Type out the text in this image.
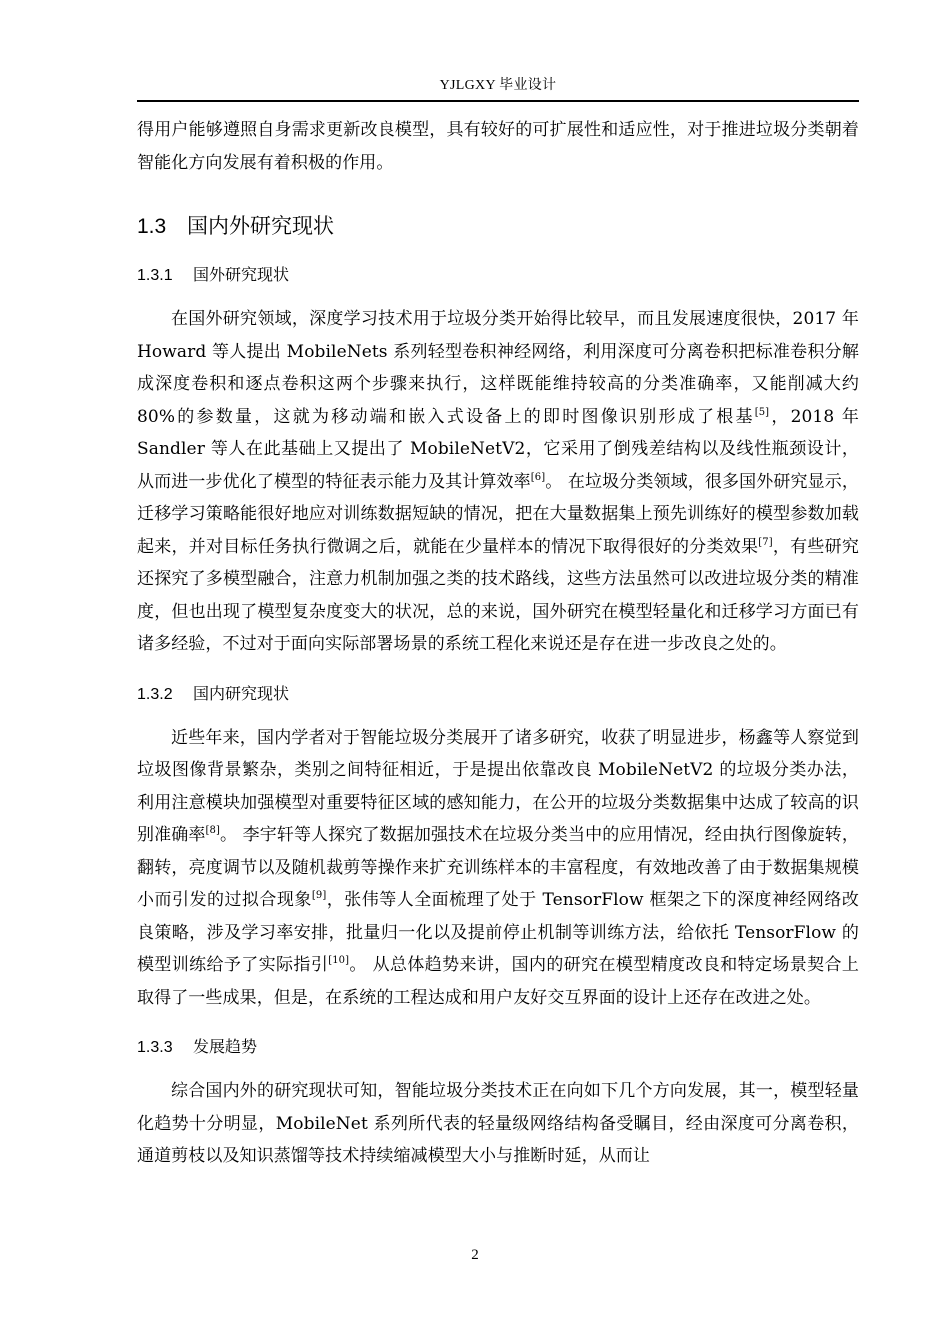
YJLGXY 毕业设计

得用户能够遵照自身需求更新改良模型，具有较好的可扩展性和适应性，对于推进垃圾分类朝着智能化方向发展有着积极的作用。

1.3 国内外研究现状
1.3.1 国外研究现状

在国外研究领域，深度学习技术用于垃圾分类开始得比较早，而且发展速度很快，2017 年 Howard 等人提出 MobileNets 系列轻型卷积神经网络，利用深度可分离卷积把标准卷积分解成深度卷积和逐点卷积这两个步骤来执行，这样既能维持较高的分类准确率，又能削减大约 80%的参数量，这就为移动端和嵌入式设备上的即时图像识别形成了根基[5]，2018 年 Sandler 等人在此基础上又提出了 MobileNetV2，它采用了倒残差结构以及线性瓶颈设计，从而进一步优化了模型的特征表示能力及其计算效率[6]。 在垃圾分类领域，很多国外研究显示，迁移学习策略能很好地应对训练数据短缺的情况，把在大量数据集上预先训练好的模型参数加载起来，并对目标任务执行微调之后，就能在少量样本的情况下取得很好的分类效果[7]，有些研究还探究了多模型融合，注意力机制加强之类的技术路线，这些方法虽然可以改进垃圾分类的精准度，但也出现了模型复杂度变大的状况，总的来说，国外研究在模型轻量化和迁移学习方面已有诸多经验，不过对于面向实际部署场景的系统工程化来说还是存在进一步改良之处的。

1.3.2 国内研究现状

近些年来，国内学者对于智能垃圾分类展开了诸多研究，收获了明显进步，杨鑫等人察觉到垃圾图像背景繁杂，类别之间特征相近，于是提出依靠改良 MobileNetV2 的垃圾分类办法，利用注意模块加强模型对重要特征区域的感知能力，在公开的垃圾分类数据集中达成了较高的识别准确率[8]。 李宇轩等人探究了数据加强技术在垃圾分类当中的应用情况，经由执行图像旋转，翻转，亮度调节以及随机裁剪等操作来扩充训练样本的丰富程度，有效地改善了由于数据集规模小而引发的过拟合现象[9]，张伟等人全面梳理了处于 TensorFlow 框架之下的深度神经网络改良策略，涉及学习率安排，批量归一化以及提前停止机制等训练方法，给依托 TensorFlow 的模型训练给予了实际指引[10]。 从总体趋势来讲，国内的研究在模型精度改良和特定场景契合上取得了一些成果，但是，在系统的工程达成和用户友好交互界面的设计上还存在改进之处。

1.3.3 发展趋势

综合国内外的研究现状可知，智能垃圾分类技术正在向如下几个方向发展，其一，模型轻量化趋势十分明显，MobileNet 系列所代表的轻量级网络结构备受瞩目，经由深度可分离卷积，通道剪枝以及知识蒸馏等技术持续缩减模型大小与推断时延，从而让

2
